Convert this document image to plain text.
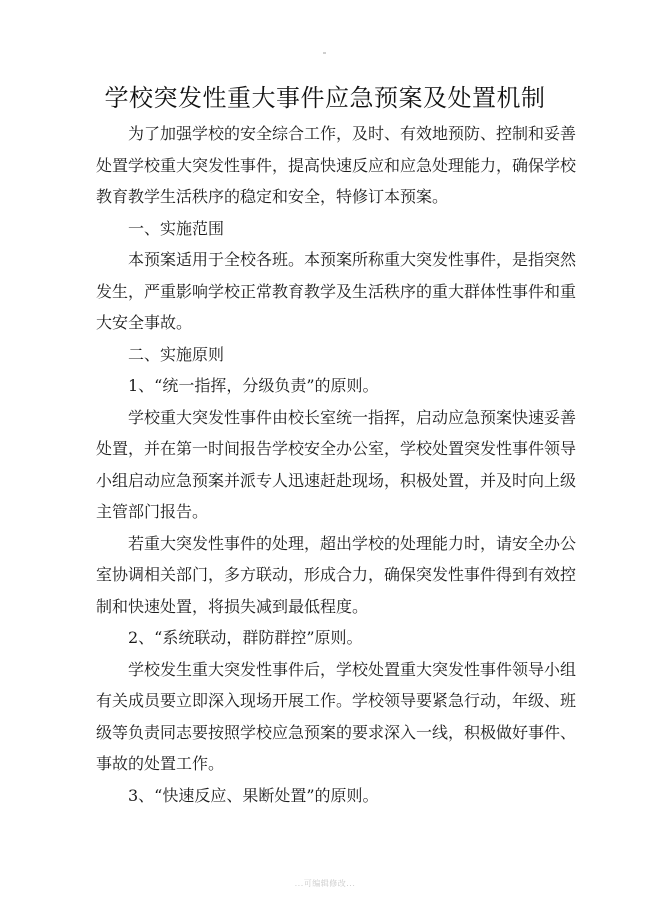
学校突发性重大事件应急预案及处置机制
为了加强学校的安全综合工作，及时、有效地预防、控制和妥善
处置学校重大突发性事件，提高快速反应和应急处理能力，确保学校
教育教学生活秩序的稳定和安全，特修订本预案。
一、实施范围
本预案适用于全校各班。本预案所称重大突发性事件，是指突然
发生，严重影响学校正常教育教学及生活秩序的重大群体性事件和重
大安全事故。
二、实施原则
1、“统一指挥，分级负责”的原则。
学校重大突发性事件由校长室统一指挥，启动应急预案快速妥善
处置，并在第一时间报告学校安全办公室，学校处置突发性事件领导
小组启动应急预案并派专人迅速赶赴现场，积极处置，并及时向上级
主管部门报告。
若重大突发性事件的处理，超出学校的处理能力时，请安全办公
室协调相关部门，多方联动，形成合力，确保突发性事件得到有效控
制和快速处置，将损失减到最低程度。
2、“系统联动，群防群控”原则。
学校发生重大突发性事件后，学校处置重大突发性事件领导小组
有关成员要立即深入现场开展工作。学校领导要紧急行动，年级、班
级等负责同志要按照学校应急预案的要求深入一线，积极做好事件、
事故的处置工作。
3、“快速反应、果断处置”的原则。
...可编辑修改...
